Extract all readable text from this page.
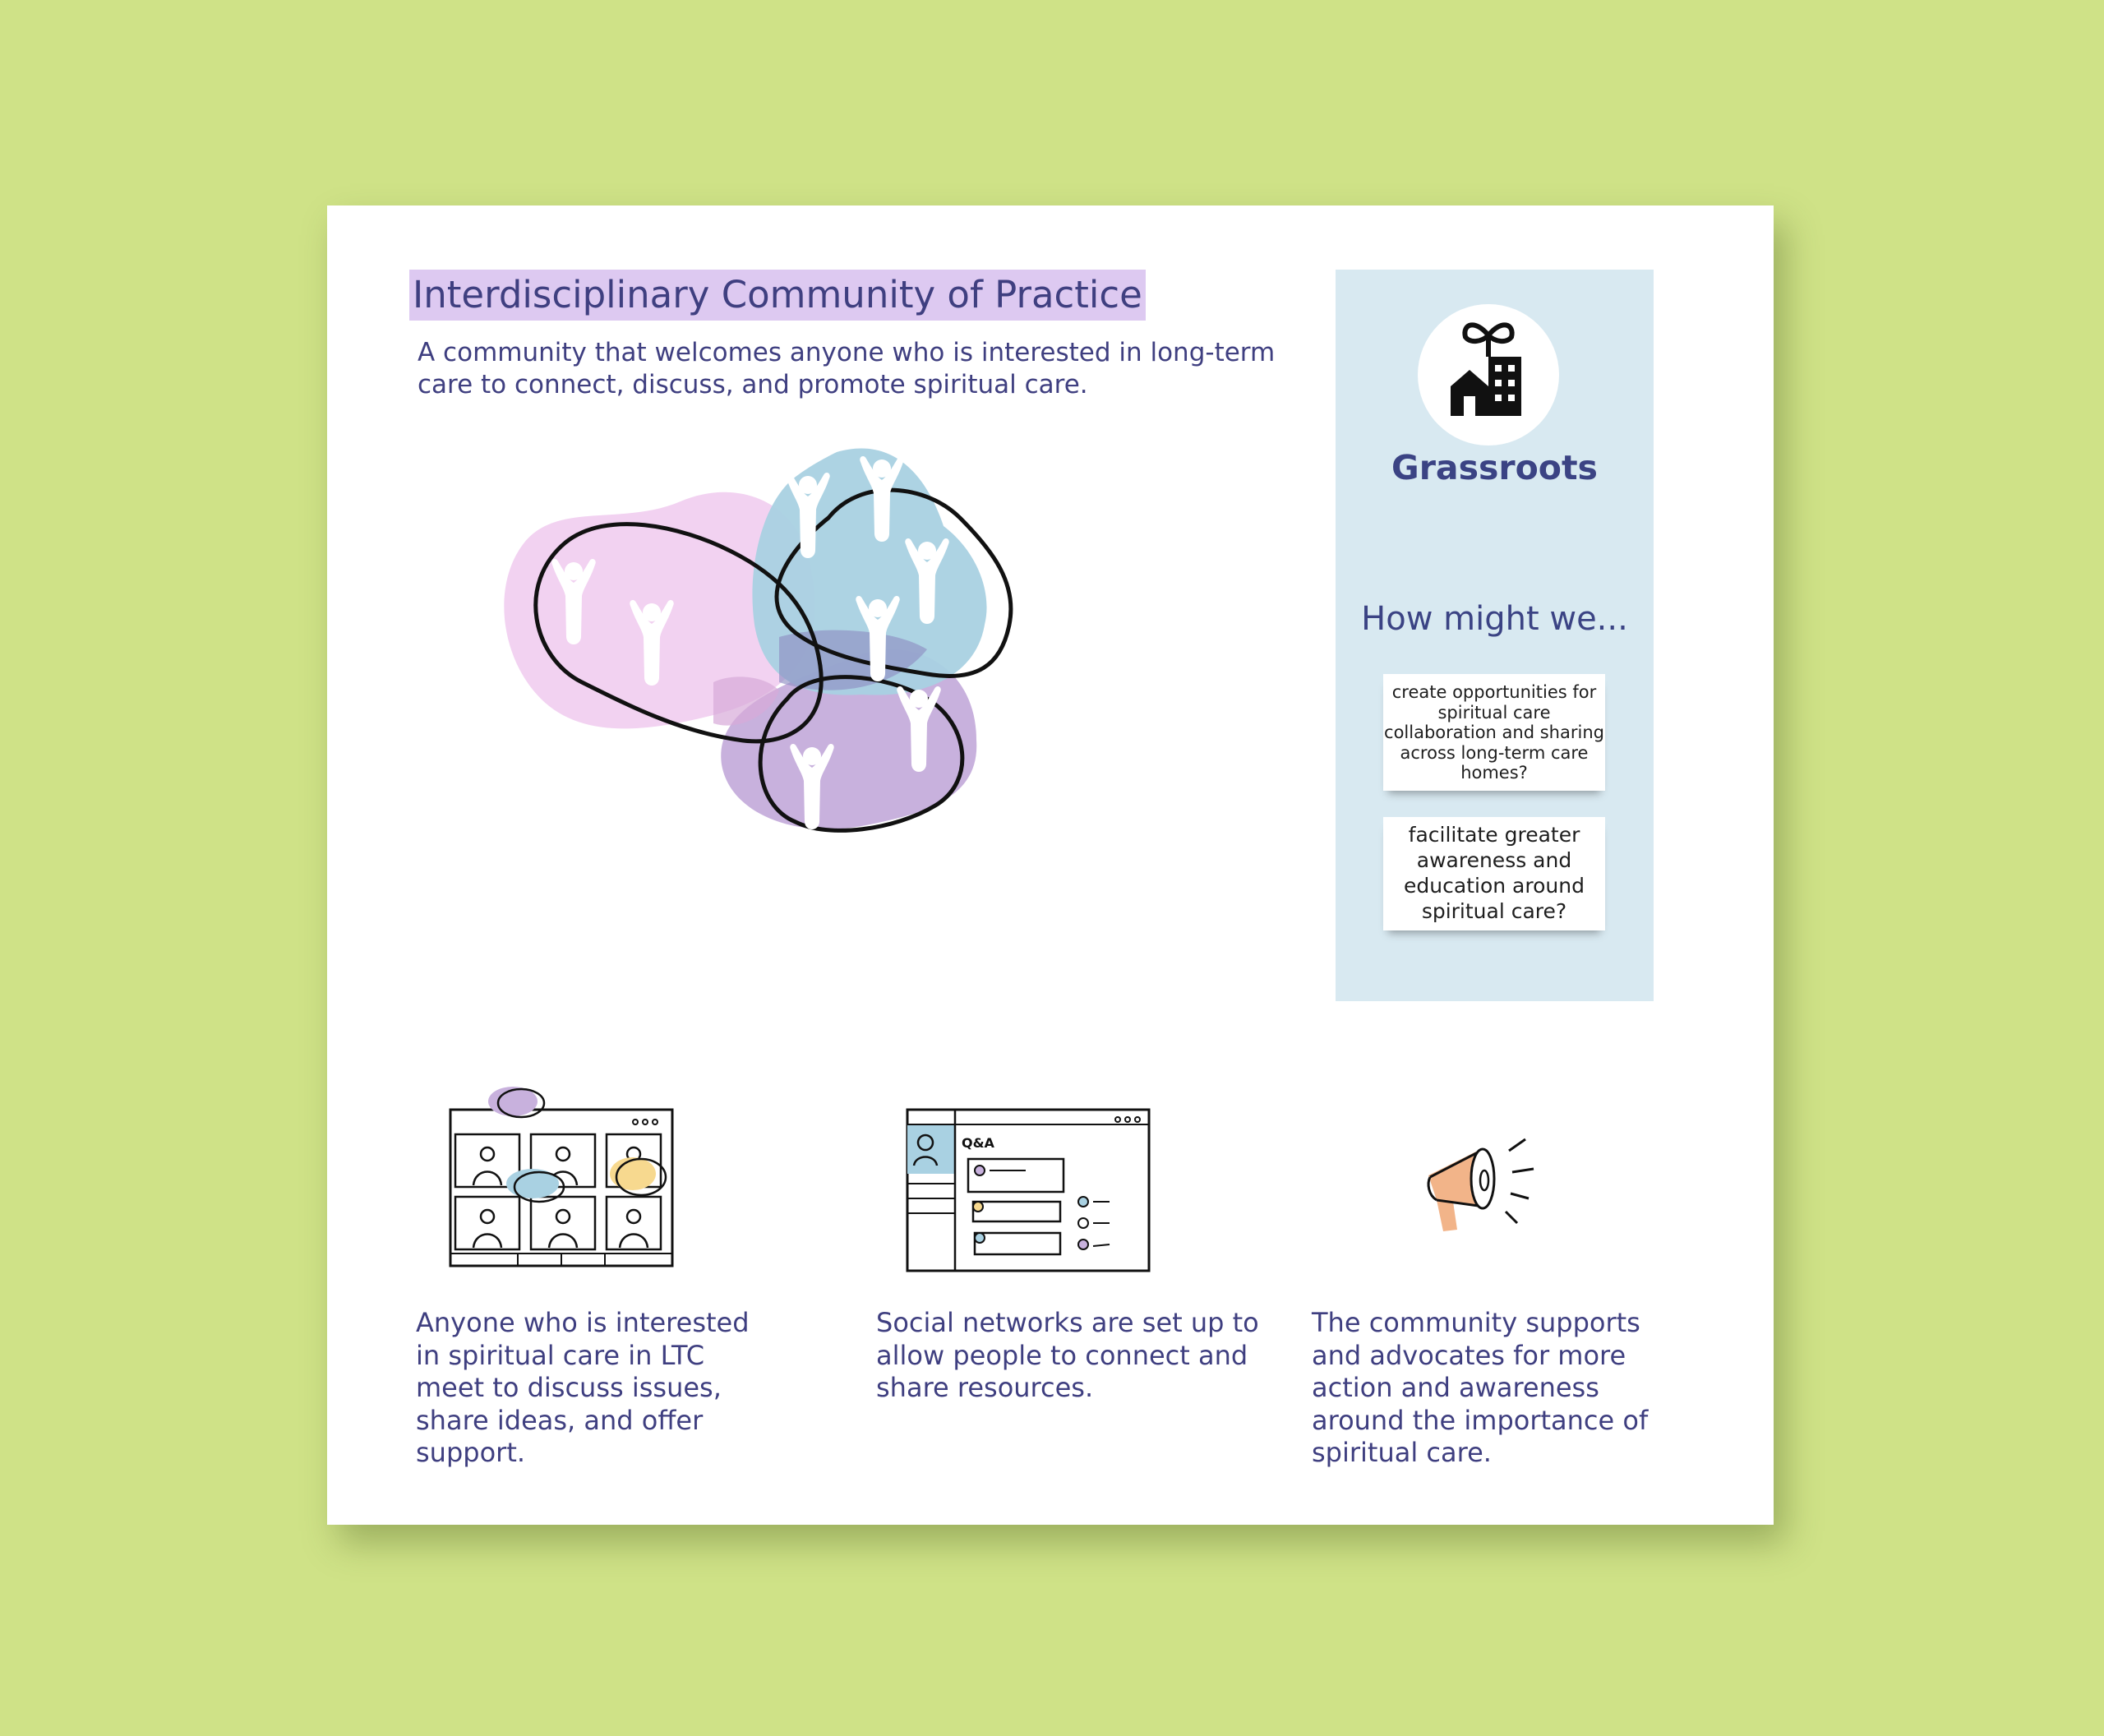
Interdisciplinary Community of Practice
A community that welcomes anyone who is interested in long-term care to connect, discuss, and promote spiritual care.
Grassroots
How might we...
create opportunities for spiritual care collaboration and sharing across long-term care homes?
facilitate greater awareness and education around spiritual care?
Q&A
Anyone who is interested in spiritual care in LTC meet to discuss issues, share ideas, and offer support.
Social networks are set up to allow people to connect and share resources.
The community supports and advocates for more action and awareness around the importance of spiritual care.
